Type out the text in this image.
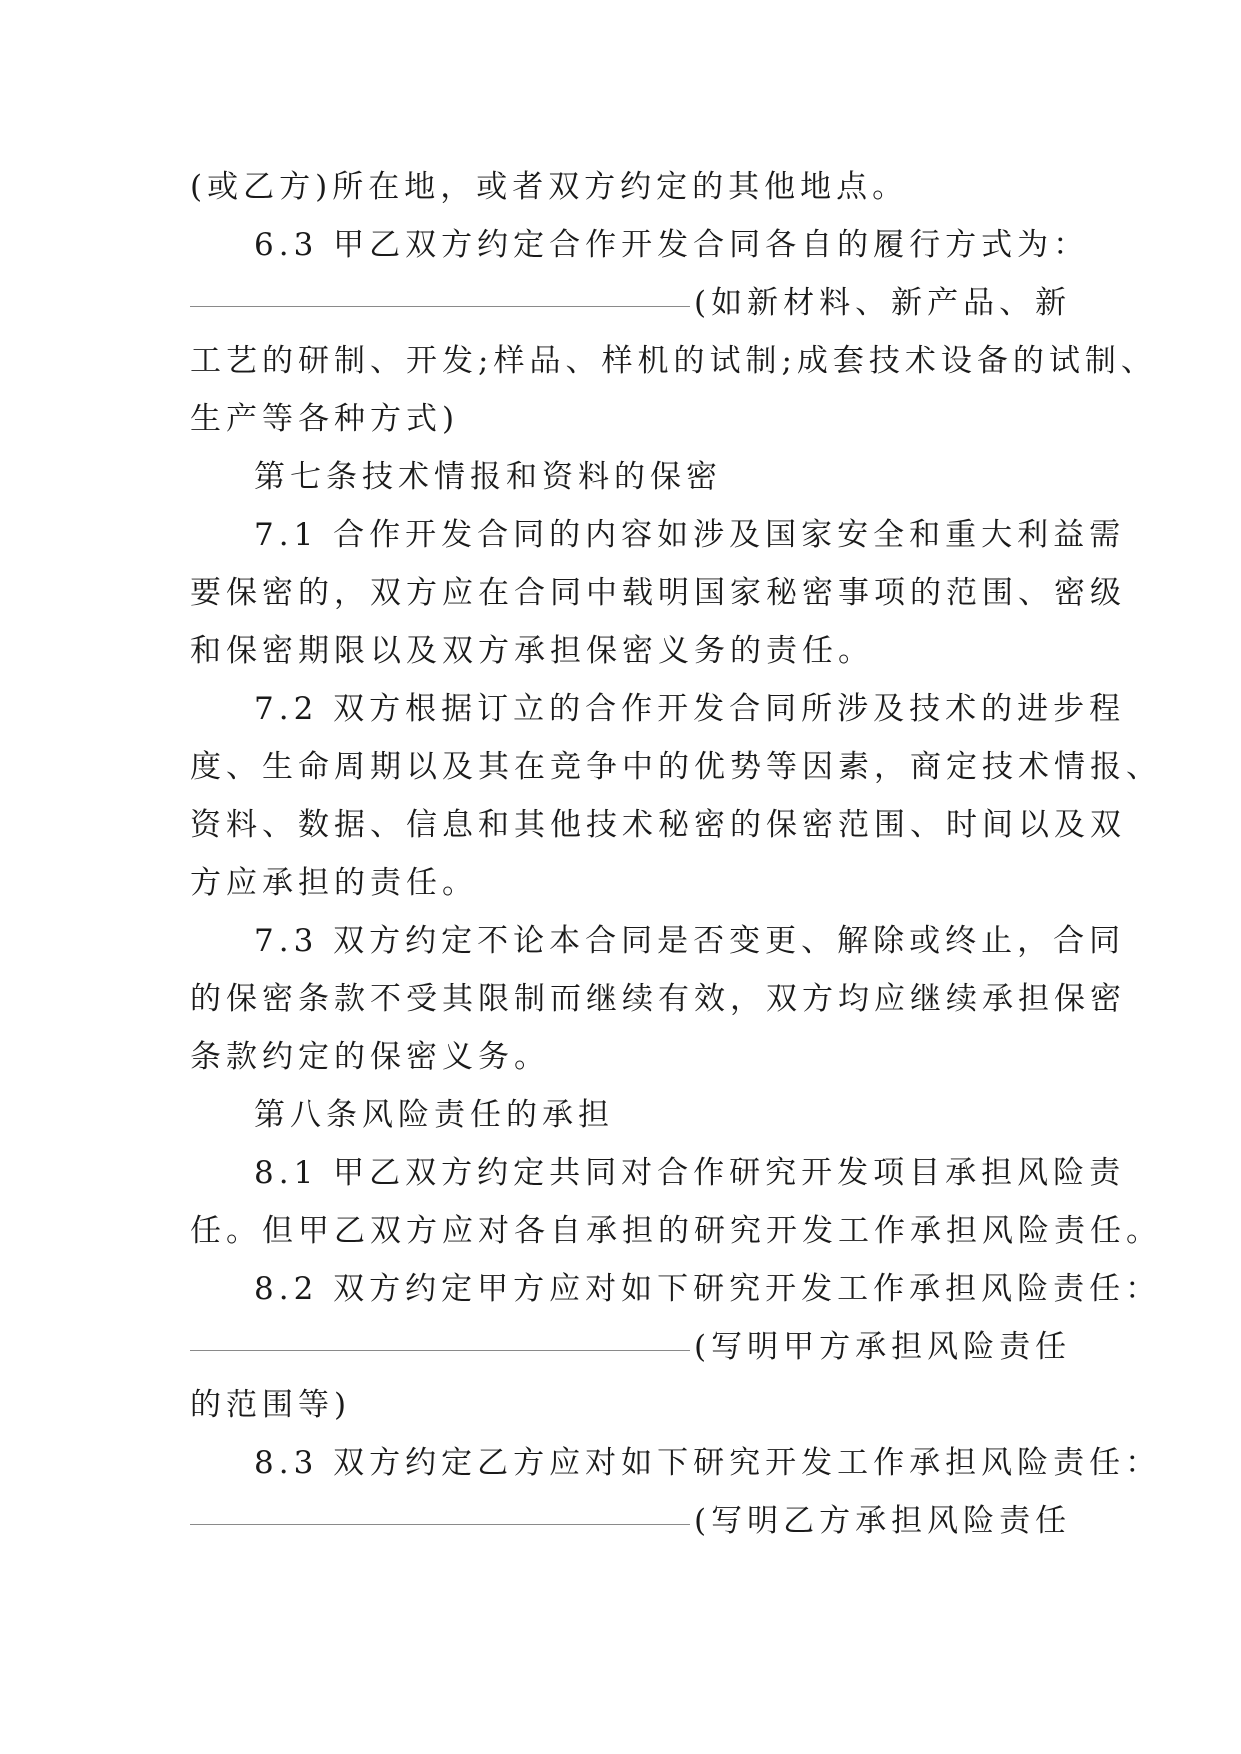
(或乙方)所在地，或者双方约定的其他地点。
6.3 甲乙双方约定合作开发合同各自的履行方式为：
(如新材料、新产品、新
工艺的研制、开发;样品、样机的试制;成套技术设备的试制、
生产等各种方式)
第七条技术情报和资料的保密
7.1 合作开发合同的内容如涉及国家安全和重大利益需
要保密的，双方应在合同中载明国家秘密事项的范围、密级
和保密期限以及双方承担保密义务的责任。
7.2 双方根据订立的合作开发合同所涉及技术的进步程
度、生命周期以及其在竞争中的优势等因素，商定技术情报、
资料、数据、信息和其他技术秘密的保密范围、时间以及双
方应承担的责任。
7.3 双方约定不论本合同是否变更、解除或终止，合同
的保密条款不受其限制而继续有效，双方均应继续承担保密
条款约定的保密义务。
第八条风险责任的承担
8.1 甲乙双方约定共同对合作研究开发项目承担风险责
任。但甲乙双方应对各自承担的研究开发工作承担风险责任。
8.2 双方约定甲方应对如下研究开发工作承担风险责任：
(写明甲方承担风险责任
的范围等)
8.3 双方约定乙方应对如下研究开发工作承担风险责任：
(写明乙方承担风险责任
